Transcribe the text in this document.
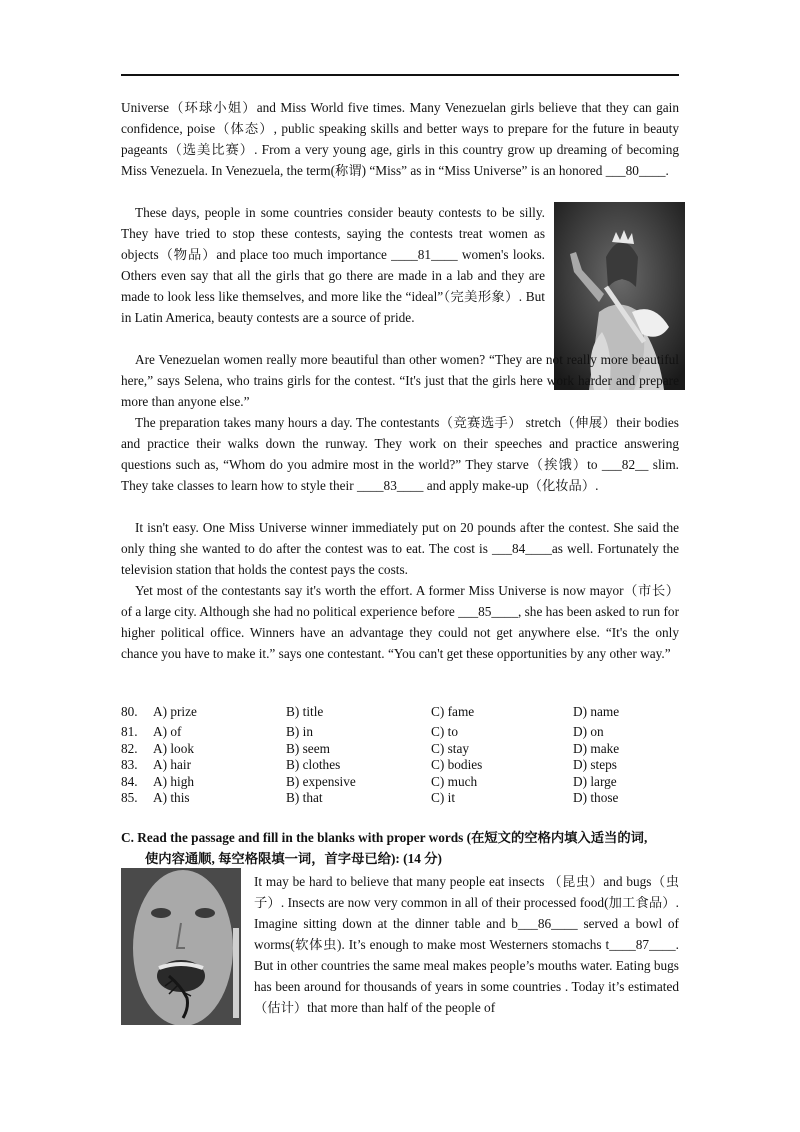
Universe（环球小姐）and Miss World five times. Many Venezuelan girls believe that they can gain confidence, poise（体态）, public speaking skills and better ways to prepare for the future in beauty pageants（选美比赛）. From a very young age, girls in this country grow up dreaming of becoming Miss Venezuela. In Venezuela, the term(称谓) “Miss” as in “Miss Universe” is an honored ___80____.

These days, people in some countries consider beauty contests to be silly. They have tried to stop these contests, saying the contests treat women as objects（物品）and place too much importance ____81____ women's looks. Others even say that all the girls that go there are made in a lab and they are made to look less like themselves, and more like the “ideal”（完美形象）. But in Latin America, beauty contests are a source of pride.

Are Venezuelan women really more beautiful than other women? “They are not really more beautiful here,” says Selena, who trains girls for the contest. “It's just that the girls here work harder and prepare more than anyone else.”

The preparation takes many hours a day. The contestants（竞赛选手） stretch（伸展）their bodies and practice their walks down the runway. They work on their speeches and practice answering questions such as, “Whom do you admire most in the world?” They starve（挨饿）to ___82__ slim. They take classes to learn how to style their ____83____ and apply make-up（化妆品）.

It isn't easy. One Miss Universe winner immediately put on 20 pounds after the contest. She said the only thing she wanted to do after the contest was to eat. The cost is ___84____as well. Fortunately the television station that holds the contest pays the costs.

Yet most of the contestants say it's worth the effort. A former Miss Universe is now mayor（市长）of a large city. Although she had no political experience before ___85____, she has been asked to run for higher political office. Winners have an advantage they could not get anywhere else. “It's the only chance you have to make it.” says one contestant. “You can't get these opportunities by any other way.”

80. A) prize	B) title	C) fame	D) name
81. A) of	B) in	C) to	D) on
82. A) look	B) seem	C) stay	D) make
83. A) hair	B) clothes	C) bodies	D) steps
84. A) high	B) expensive	C) much	D) large
85. A) this	B) that	C) it	D) those
C. Read the passage and fill in the blanks with proper words (在短文的空格内填入适当的词,
使内容通顺, 每空格限填一词，首字母已给): (14 分)

It may be hard to believe that many people eat insects （昆虫）and bugs（虫子）. Insects are now very common in all of their processed food(加工食品）. Imagine sitting down at the dinner table and b___86____ served a bowl of worms(软体虫). It’s enough to make most Westerners stomachs t____87____. But in other countries the same meal makes people’s mouths water. Eating bugs has been around for thousands of years in some countries . Today it’s estimated（估计）that more than half of the people of
